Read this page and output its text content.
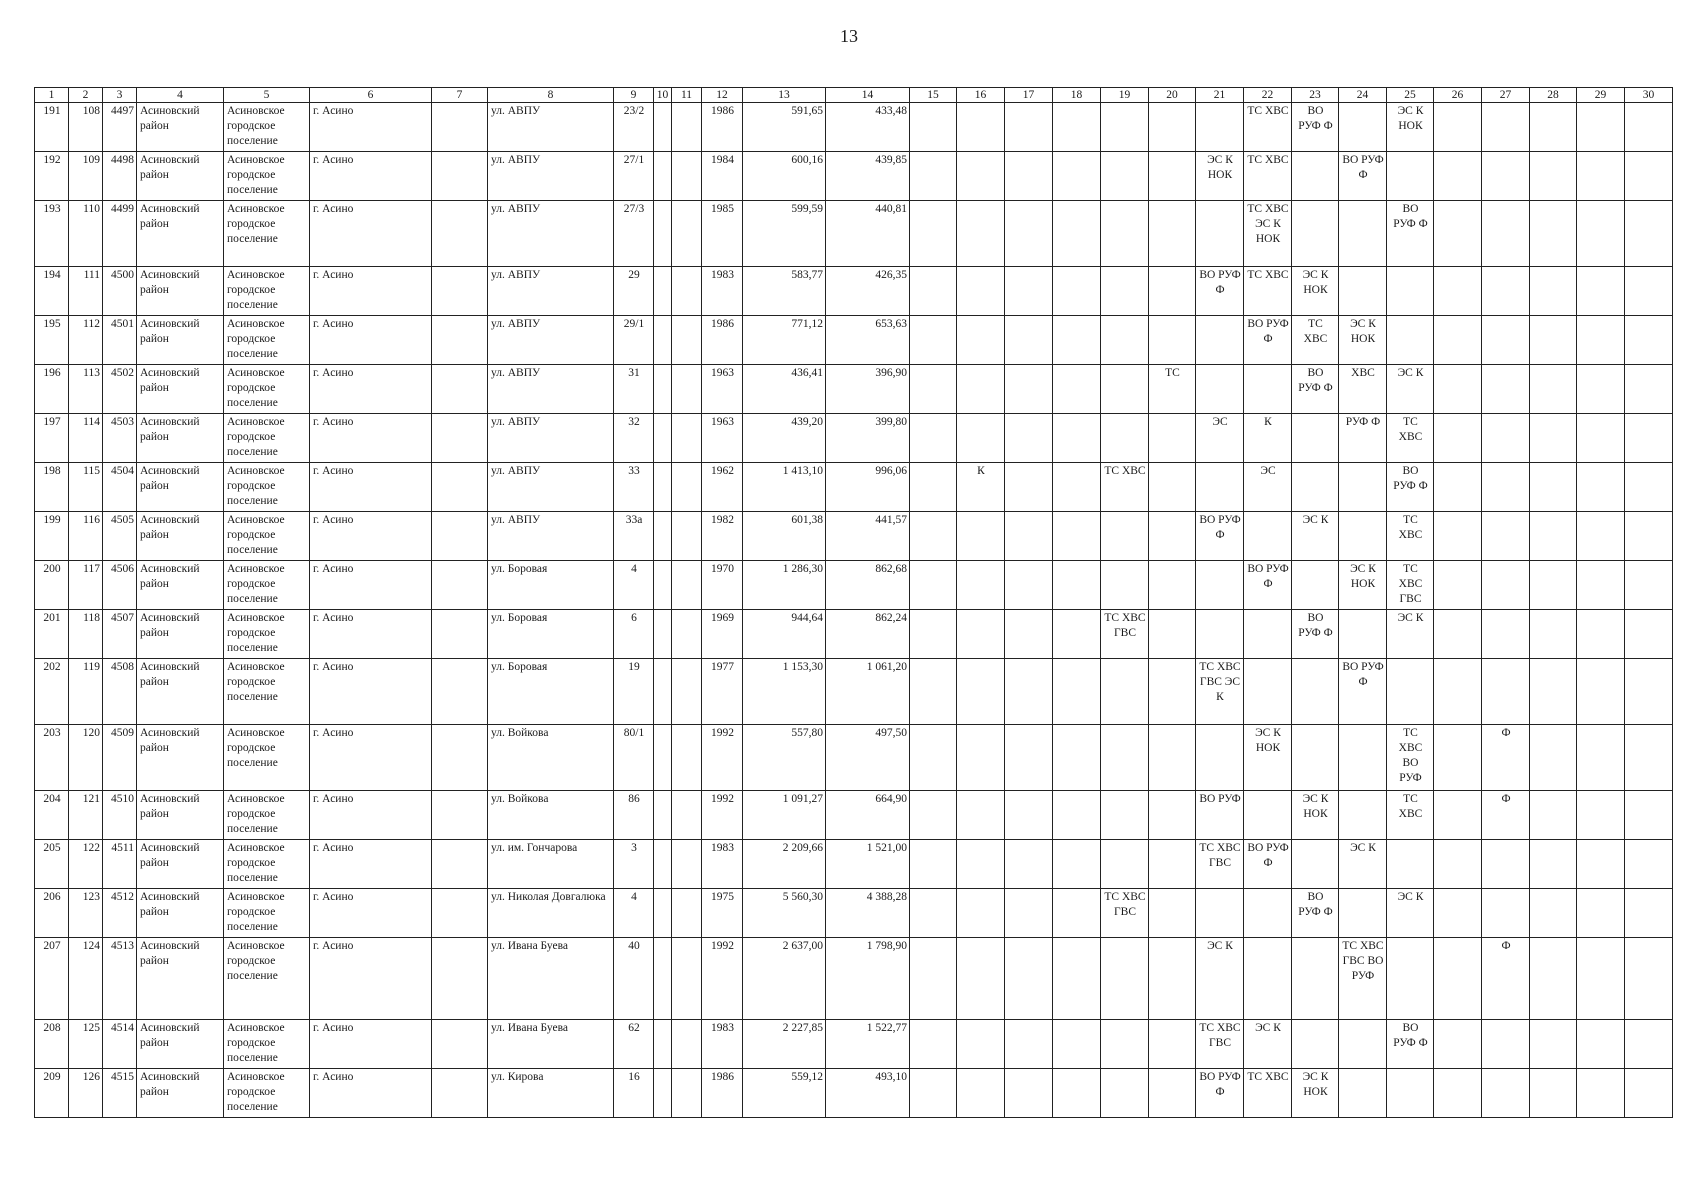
13
1	2	3	4	5	6	7	8	9	10	11	12	13	14	15	16	17	18	19	20	21	22	23	24	25	26	27	28	29	30
191	108	4497	Асиновский район	Асиновское городское поселение	г. Асино		ул. АВПУ	23/2			1986	591,65	433,48								ТС ХВС	ВО РУФ Ф		ЭС К НОК					
192	109	4498	Асиновский район	Асиновское городское поселение	г. Асино		ул. АВПУ	27/1			1984	600,16	439,85							ЭС К НОК	ТС ХВС		ВО РУФ Ф						
193	110	4499	Асиновский район	Асиновское городское поселение	г. Асино		ул. АВПУ	27/3			1985	599,59	440,81								ТС ХВС ЭС К НОК			ВО РУФ Ф					
194	111	4500	Асиновский район	Асиновское городское поселение	г. Асино		ул. АВПУ	29			1983	583,77	426,35							ВО РУФ Ф	ТС ХВС	ЭС К НОК							
195	112	4501	Асиновский район	Асиновское городское поселение	г. Асино		ул. АВПУ	29/1			1986	771,12	653,63								ВО РУФ Ф	ТС ХВС	ЭС К НОК						
196	113	4502	Асиновский район	Асиновское городское поселение	г. Асино		ул. АВПУ	31			1963	436,41	396,90						ТС			ВО РУФ Ф	ХВС	ЭС К					
197	114	4503	Асиновский район	Асиновское городское поселение	г. Асино		ул. АВПУ	32			1963	439,20	399,80							ЭС	К		РУФ Ф	ТС ХВС					
198	115	4504	Асиновский район	Асиновское городское поселение	г. Асино		ул. АВПУ	33			1962	1 413,10	996,06		К			ТС ХВС			ЭС			ВО РУФ Ф					
199	116	4505	Асиновский район	Асиновское городское поселение	г. Асино		ул. АВПУ	33а			1982	601,38	441,57							ВО РУФ Ф		ЭС К		ТС ХВС					
200	117	4506	Асиновский район	Асиновское городское поселение	г. Асино		ул. Боровая	4			1970	1 286,30	862,68								ВО РУФ Ф		ЭС К НОК	ТС ХВС ГВС					
201	118	4507	Асиновский район	Асиновское городское поселение	г. Асино		ул. Боровая	6			1969	944,64	862,24					ТС ХВС ГВС				ВО РУФ Ф		ЭС К					
202	119	4508	Асиновский район	Асиновское городское поселение	г. Асино		ул. Боровая	19			1977	1 153,30	1 061,20							ТС ХВС ГВС ЭС К			ВО РУФ Ф						
203	120	4509	Асиновский район	Асиновское городское поселение	г. Асино		ул. Войкова	80/1			1992	557,80	497,50								ЭС К НОК			ТС ХВС ВО РУФ		Ф			
204	121	4510	Асиновский район	Асиновское городское поселение	г. Асино		ул. Войкова	86			1992	1 091,27	664,90							ВО РУФ		ЭС К НОК		ТС ХВС		Ф			
205	122	4511	Асиновский район	Асиновское городское поселение	г. Асино		ул. им. Гончарова	3			1983	2 209,66	1 521,00							ТС ХВС ГВС	ВО РУФ Ф		ЭС К						
206	123	4512	Асиновский район	Асиновское городское поселение	г. Асино		ул. Николая Довгалюка	4			1975	5 560,30	4 388,28					ТС ХВС ГВС				ВО РУФ Ф		ЭС К					
207	124	4513	Асиновский район	Асиновское городское поселение	г. Асино		ул. Ивана Буева	40			1992	2 637,00	1 798,90							ЭС К			ТС ХВС ГВС ВО РУФ			Ф			
208	125	4514	Асиновский район	Асиновское городское поселение	г. Асино		ул. Ивана Буева	62			1983	2 227,85	1 522,77							ТС ХВС ГВС	ЭС К			ВО РУФ Ф					
209	126	4515	Асиновский район	Асиновское городское поселение	г. Асино		ул. Кирова	16			1986	559,12	493,10							ВО РУФ Ф	ТС ХВС	ЭС К НОК							
